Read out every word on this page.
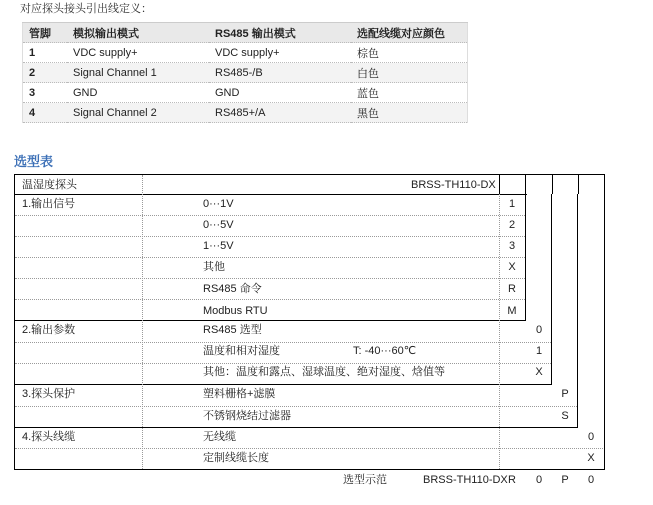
对应探头接头引出线定义：
管脚	模拟输出模式	RS485 输出模式	选配线缆对应颜色
1	VDC supply+	VDC supply+	棕色
2	Signal Channel 1	RS485-/B	白色
3	GND	GND	蓝色
4	Signal Channel 2	RS485+/A	黑色
选型表
温湿度探头	BRSS-TH110-DX
1.输出信号	0···1V	1
0···5V	2
1···5V	3
其他	X
RS485 命令	R
Modbus RTU	M
2.输出参数	RS485 选型	0
温度和相对湿度	T: -40···60℃	1
其他：温度和露点、湿球温度、绝对湿度、焓值等	X
3.探头保护	塑料栅格+滤膜	P
不锈钢烧结过滤器	S
4.探头线缆	无线缆	0
定制线缆长度	X
选型示范	BRSS-TH110-DX R	0	P	0
